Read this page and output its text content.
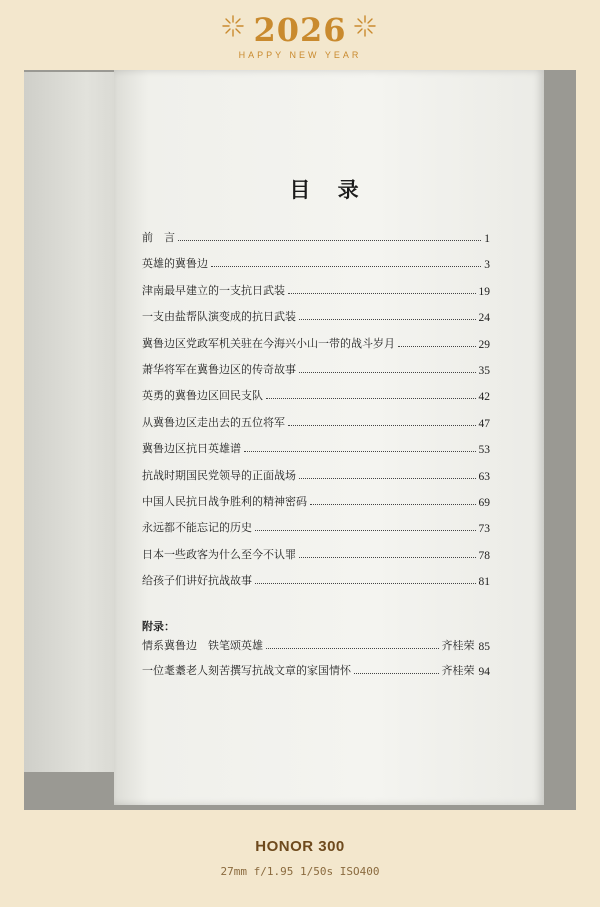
2026
HAPPY NEW YEAR
目 录
前　言	1
英雄的冀鲁边	3
津南最早建立的一支抗日武装	19
一支由盐帮队演变成的抗日武装	24
冀鲁边区党政军机关驻在今海兴小山一带的战斗岁月	29
萧华将军在冀鲁边区的传奇故事	35
英勇的冀鲁边区回民支队	42
从冀鲁边区走出去的五位将军	47
冀鲁边区抗日英雄谱	53
抗战时期国民党领导的正面战场	63
中国人民抗日战争胜利的精神密码	69
永远都不能忘记的历史	73
日本一些政客为什么至今不认罪	78
给孩子们讲好抗战故事	81
附录：
情系冀鲁边　铁笔颂英雄	齐桂荣 85
一位耄耋老人刻苦撰写抗战文章的家国情怀	齐桂荣 94
HONOR 300
27mm f/1.95 1/50s ISO400
